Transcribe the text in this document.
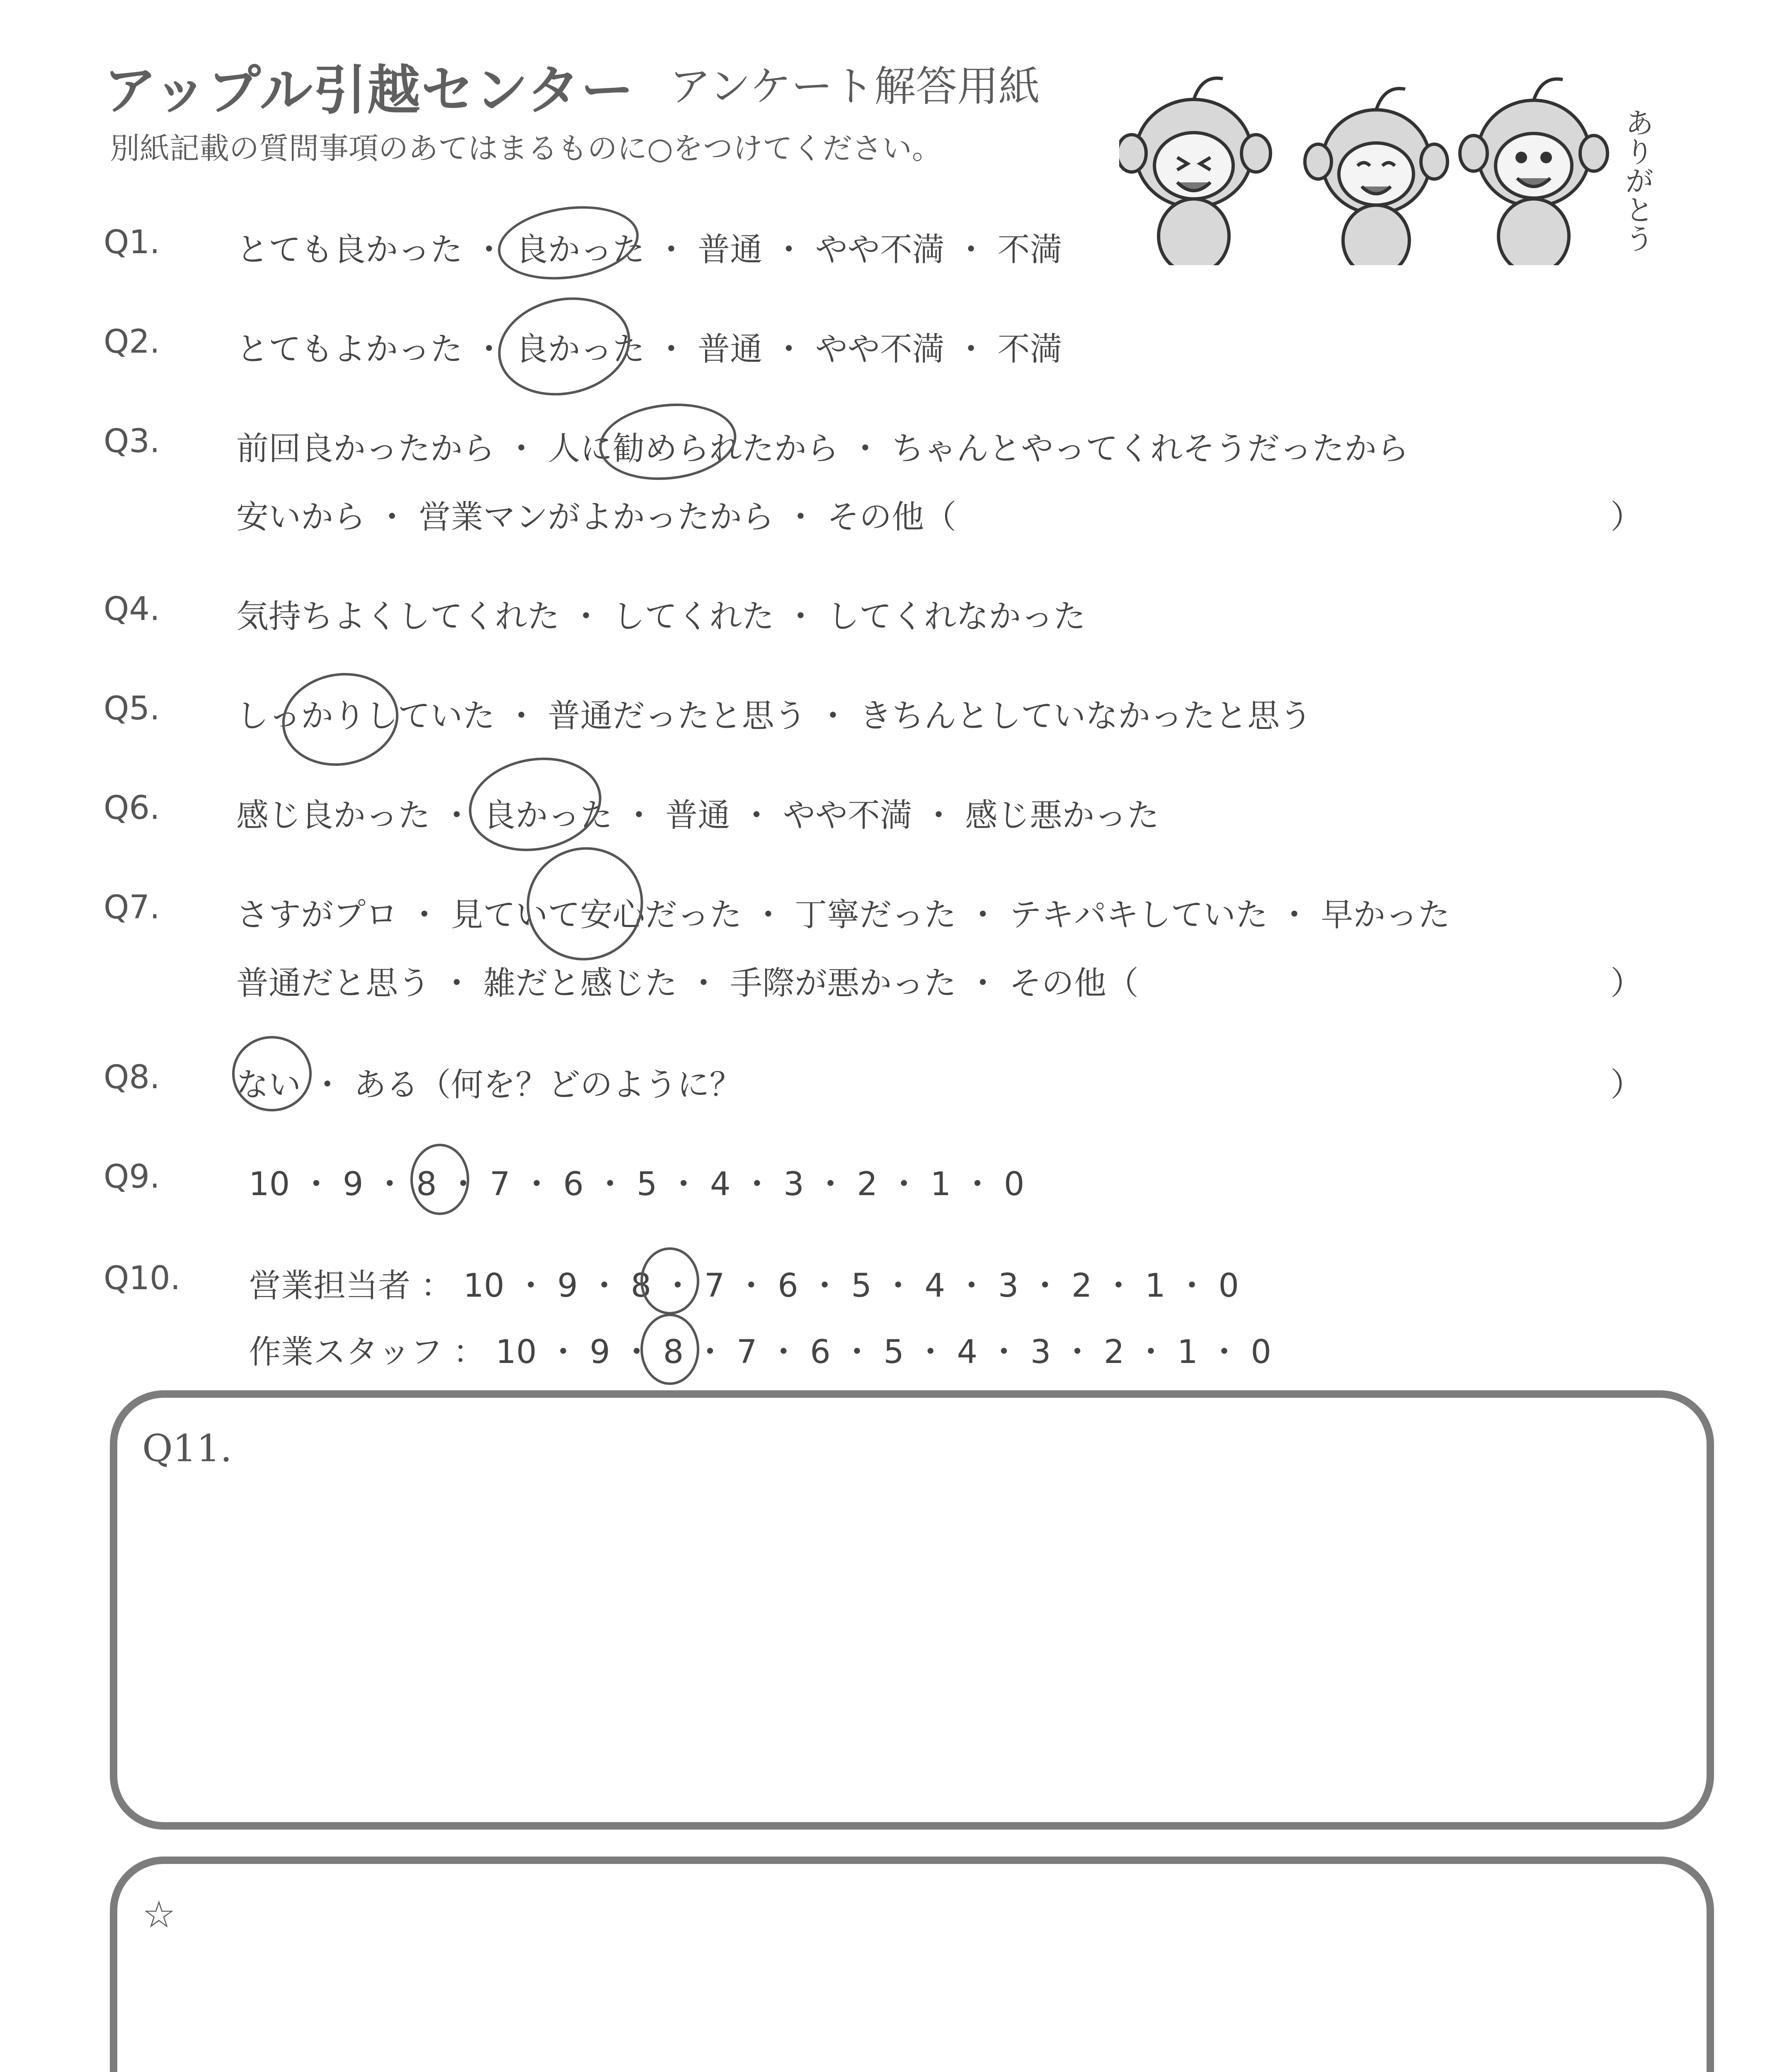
アップル引越センター アンケート解答用紙
別紙記載の質問事項のあてはまるものに○をつけてください。	ありがとう
Q1. とても良かった ・ 良かった ・ 普通 ・ やや不満 ・ 不満
Q2. とてもよかった ・ 良かった ・ 普通 ・ やや不満 ・ 不満
Q3. 前回良かったから ・ 人に勧められたから ・ ちゃんとやってくれそうだったから
安いから ・ 営業マンがよかったから ・ その他（	）
Q4. 気持ちよくしてくれた ・ してくれた ・ してくれなかった
Q5. しっかりしていた ・ 普通だったと思う ・ きちんとしていなかったと思う
Q6. 感じ良かった ・ 良かった ・ 普通 ・ やや不満 ・ 感じ悪かった
Q7. さすがプロ ・ 見ていて安心だった ・ 丁寧だった ・ テキパキしていた ・ 早かった
普通だと思う ・ 雑だと感じた ・ 手際が悪かった ・ その他（	）
Q8. ない ・ ある（何を？どのように？	）
Q9.	10 ・ 9 ・ 8 ・ 7 ・ 6 ・ 5 ・ 4 ・ 3 ・ 2 ・ 1 ・ 0
Q10. 営業担当者 ： 10 ・ 9 ・ 8 ・ 7 ・ 6 ・ 5 ・ 4 ・ 3 ・ 2 ・ 1 ・ 0
作業スタッフ ： 10 ・ 9 ・ 8 ・ 7 ・ 6 ・ 5 ・ 4 ・ 3 ・ 2 ・ 1 ・ 0
Q11.
☆
